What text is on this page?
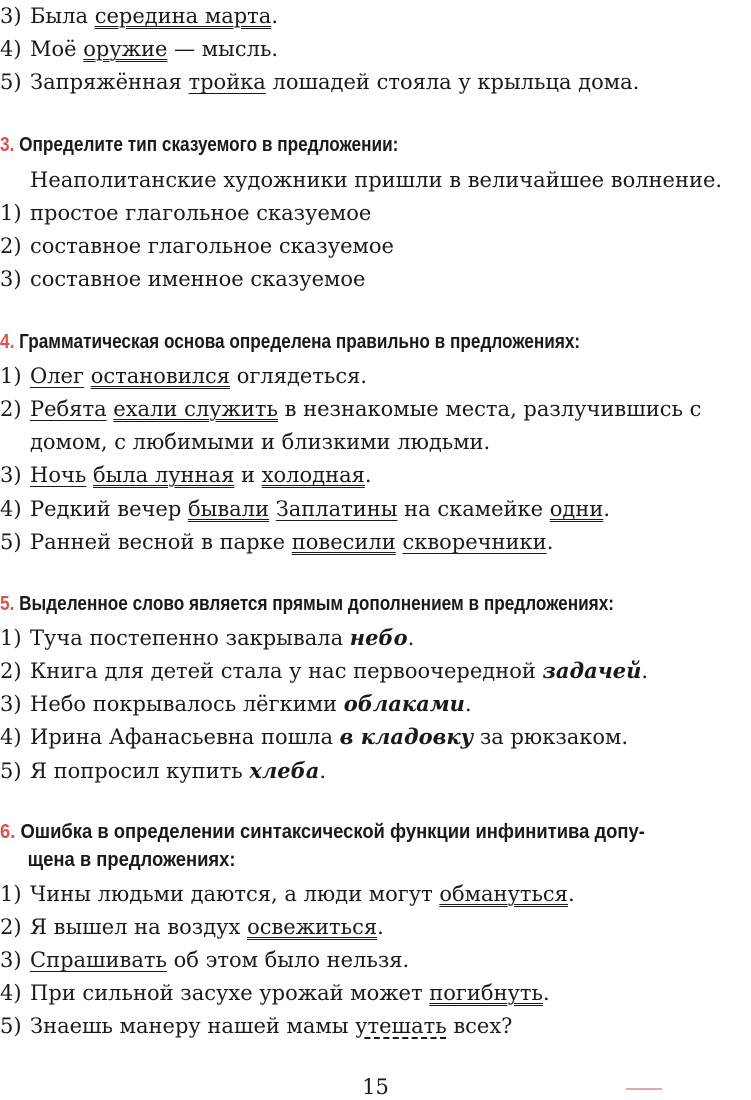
3) Была середина марта.
4) Моё оружие — мысль.
5) Запряжённая тройка лошадей стояла у крыльца дома.
3. Определите тип сказуемого в предложении:
Неаполитанские художники пришли в величайшее волнение.
1) простое глагольное сказуемое
2) составное глагольное сказуемое
3) составное именное сказуемое
4. Грамматическая основа определена правильно в предложениях:
1) Олег остановился оглядеться.
2) Ребята ехали служить в незнакомые места, разлучившись с
домом, с любимыми и близкими людьми.
3) Ночь была лунная и холодная.
4) Редкий вечер бывали Заплатины на скамейке одни.
5) Ранней весной в парке повесили скворечники.
5. Выделенное слово является прямым дополнением в предложениях:
1) Туча постепенно закрывала небо.
2) Книга для детей стала у нас первоочередной задачей.
3) Небо покрывалось лёгкими облаками.
4) Ирина Афанасьевна пошла в кладовку за рюкзаком.
5) Я попросил купить хлеба.
6. Ошибка в определении синтаксической функции инфинитива допу-
щена в предложениях:
1) Чины людьми даются, а люди могут обмануться.
2) Я вышел на воздух освежиться.
3) Спрашивать об этом было нельзя.
4) При сильной засухе урожай может погибнуть.
5) Знаешь манеру нашей мамы утешать всех?
15
